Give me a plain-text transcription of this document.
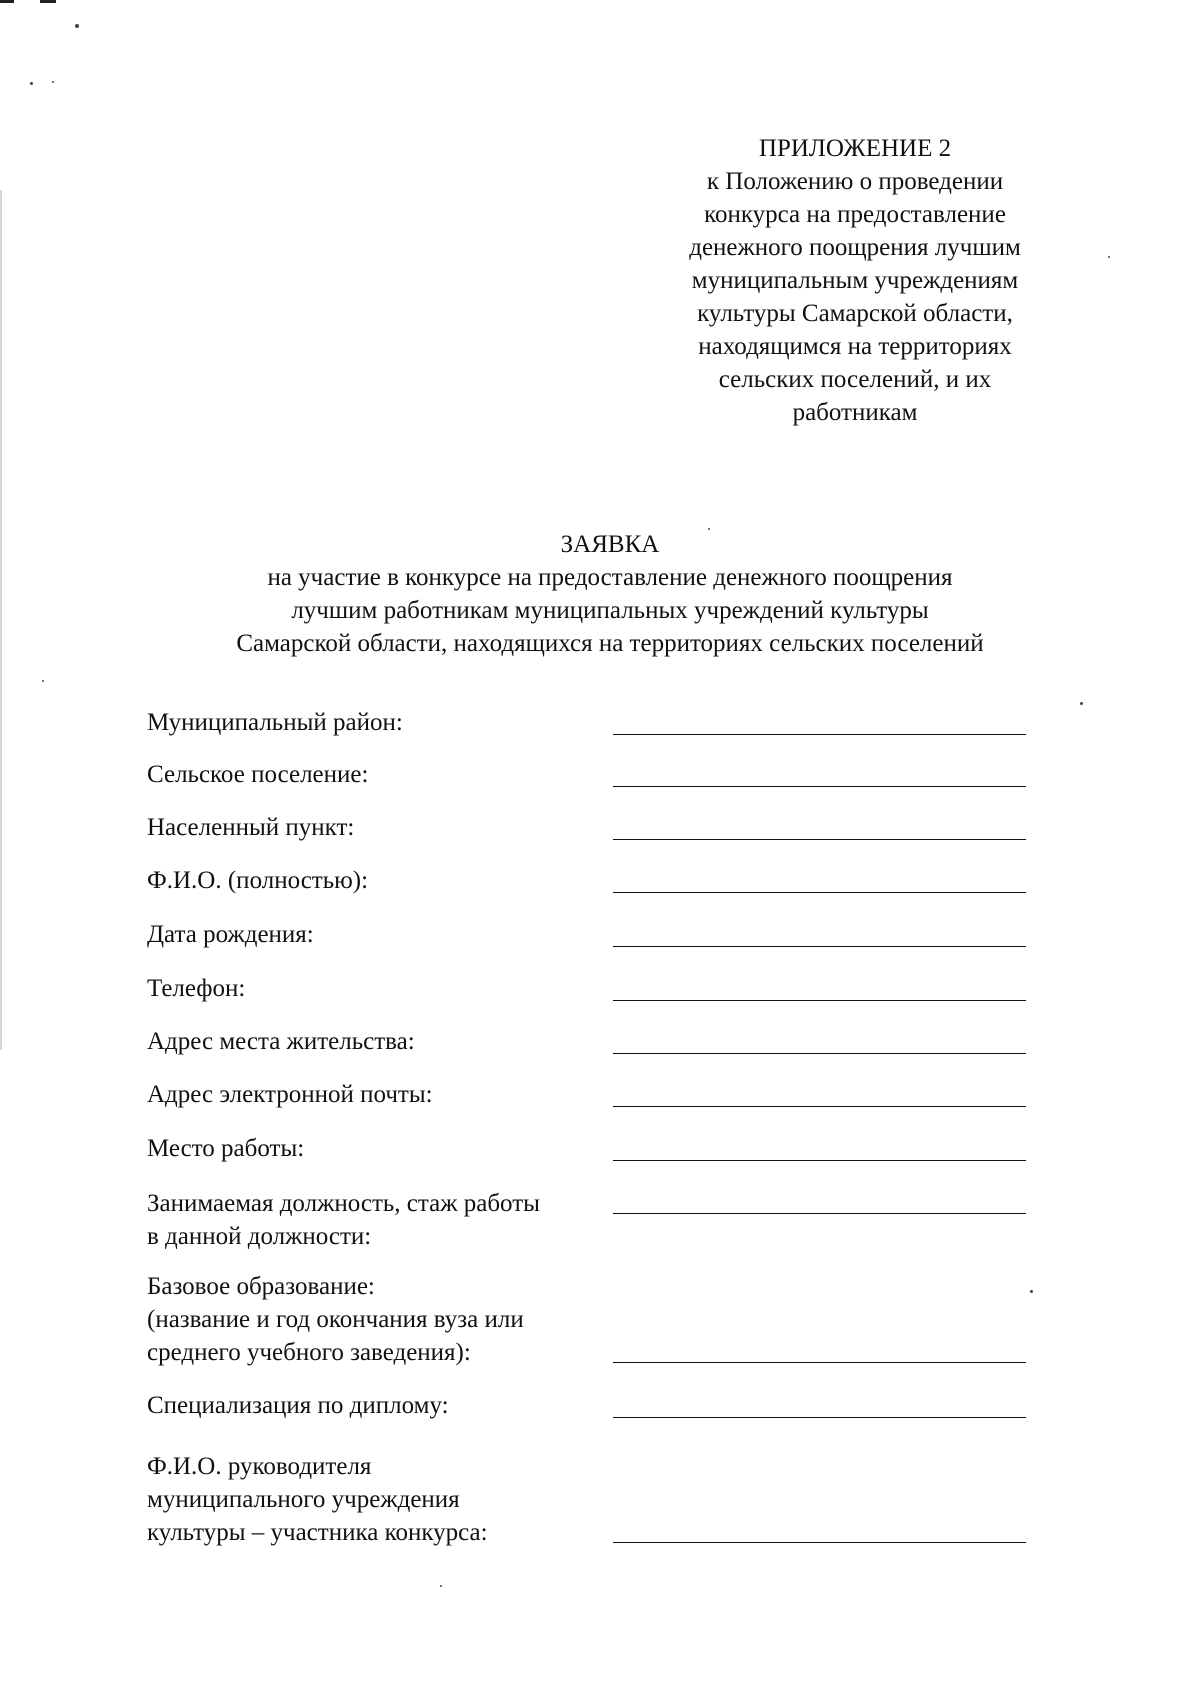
ПРИЛОЖЕНИЕ 2
к Положению о проведении
конкурса на предоставление
денежного поощрения лучшим
муниципальным учреждениям
культуры Самарской области,
находящимся на территориях
сельских поселений, и их
работникам
ЗАЯВКА
на участие в конкурсе на предоставление денежного поощрения
лучшим работникам муниципальных учреждений культуры
Самарской области, находящихся на территориях сельских поселений
Муниципальный район:
Сельское поселение:
Населенный пункт:
Ф.И.О. (полностью):
Дата рождения:
Телефон:
Адрес места жительства:
Адрес электронной почты:
Место работы:
Занимаемая должность, стаж работы
в данной должности:
Базовое образование:
(название и год окончания вуза или
среднего учебного заведения):
Специализация по диплому:
Ф.И.О. руководителя
муниципального учреждения
культуры – участника конкурса:
